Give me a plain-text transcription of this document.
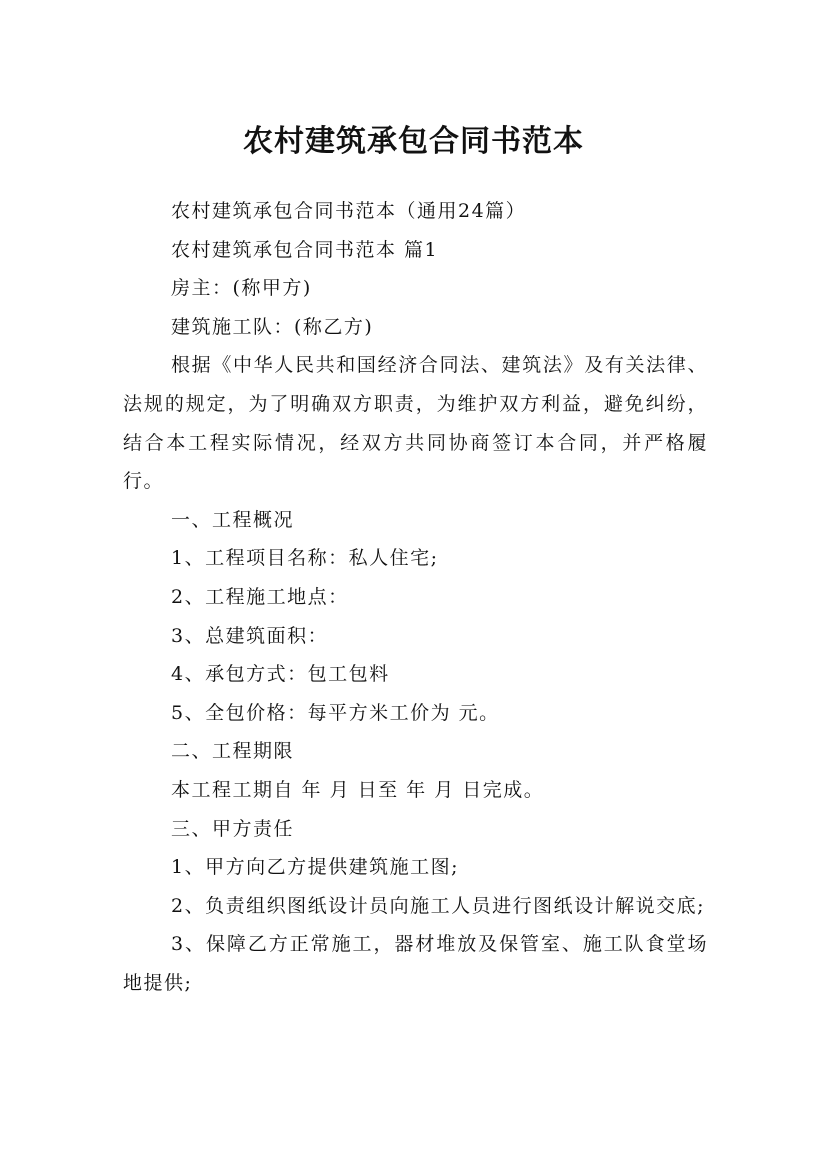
农村建筑承包合同书范本

农村建筑承包合同书范本（通用24篇）

农村建筑承包合同书范本 篇1

房主：(称甲方)

建筑施工队：(称乙方)

根据《中华人民共和国经济合同法、建筑法》及有关法律、法规的规定，为了明确双方职责，为维护双方利益，避免纠纷，结合本工程实际情况，经双方共同协商签订本合同，并严格履行。

一、工程概况

1、工程项目名称：私人住宅;

2、工程施工地点：

3、总建筑面积：

4、承包方式：包工包料

5、全包价格：每平方米工价为 元。

二、工程期限

本工程工期自 年 月 日至 年 月 日完成。

三、甲方责任

1、甲方向乙方提供建筑施工图;

2、负责组织图纸设计员向施工人员进行图纸设计解说交底;

3、保障乙方正常施工，器材堆放及保管室、施工队食堂场地提供;
